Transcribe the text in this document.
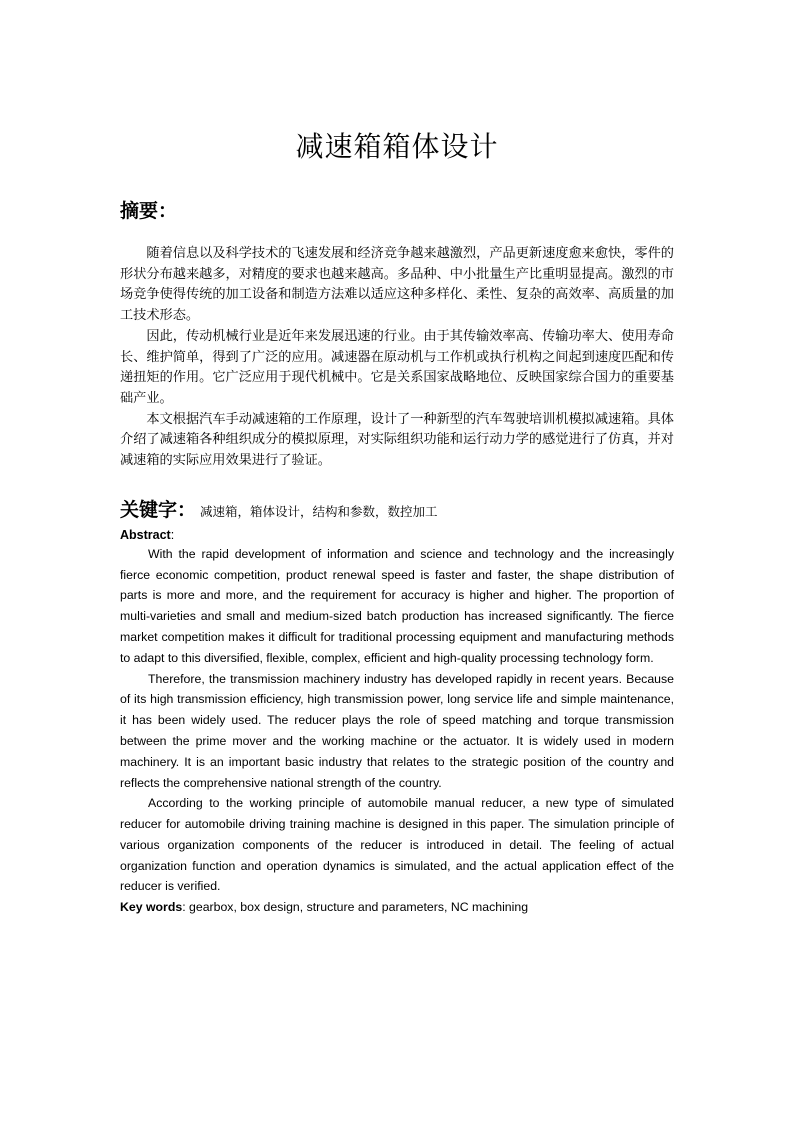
减速箱箱体设计
摘要：

随着信息以及科学技术的飞速发展和经济竞争越来越激烈，产品更新速度愈来愈快，零件的形状分布越来越多，对精度的要求也越来越高。多品种、中小批量生产比重明显提高。激烈的市场竞争使得传统的加工设备和制造方法难以适应这种多样化、柔性、复杂的高效率、高质量的加工技术形态。

因此，传动机械行业是近年来发展迅速的行业。由于其传输效率高、传输功率大、使用寿命长、维护简单，得到了广泛的应用。减速器在原动机与工作机或执行机构之间起到速度匹配和传递扭矩的作用。它广泛应用于现代机械中。它是关系国家战略地位、反映国家综合国力的重要基础产业。

本文根据汽车手动减速箱的工作原理，设计了一种新型的汽车驾驶培训机模拟减速箱。具体介绍了减速箱各种组织成分的模拟原理，对实际组织功能和运行动力学的感觉进行了仿真，并对减速箱的实际应用效果进行了验证。

关键字： 减速箱，箱体设计，结构和参数，数控加工
Abstract:

With the rapid development of information and science and technology and the increasingly fierce economic competition, product renewal speed is faster and faster, the shape distribution of parts is more and more, and the requirement for accuracy is higher and higher. The proportion of multi-varieties and small and medium-sized batch production has increased significantly. The fierce market competition makes it difficult for traditional processing equipment and manufacturing methods to adapt to this diversified, flexible, complex, efficient and high-quality processing technology form.

Therefore, the transmission machinery industry has developed rapidly in recent years. Because of its high transmission efficiency, high transmission power, long service life and simple maintenance, it has been widely used. The reducer plays the role of speed matching and torque transmission between the prime mover and the working machine or the actuator. It is widely used in modern machinery. It is an important basic industry that relates to the strategic position of the country and reflects the comprehensive national strength of the country.

According to the working principle of automobile manual reducer, a new type of simulated reducer for automobile driving training machine is designed in this paper. The simulation principle of various organization components of the reducer is introduced in detail. The feeling of actual organization function and operation dynamics is simulated, and the actual application effect of the reducer is verified.

Key words: gearbox, box design, structure and parameters, NC machining
